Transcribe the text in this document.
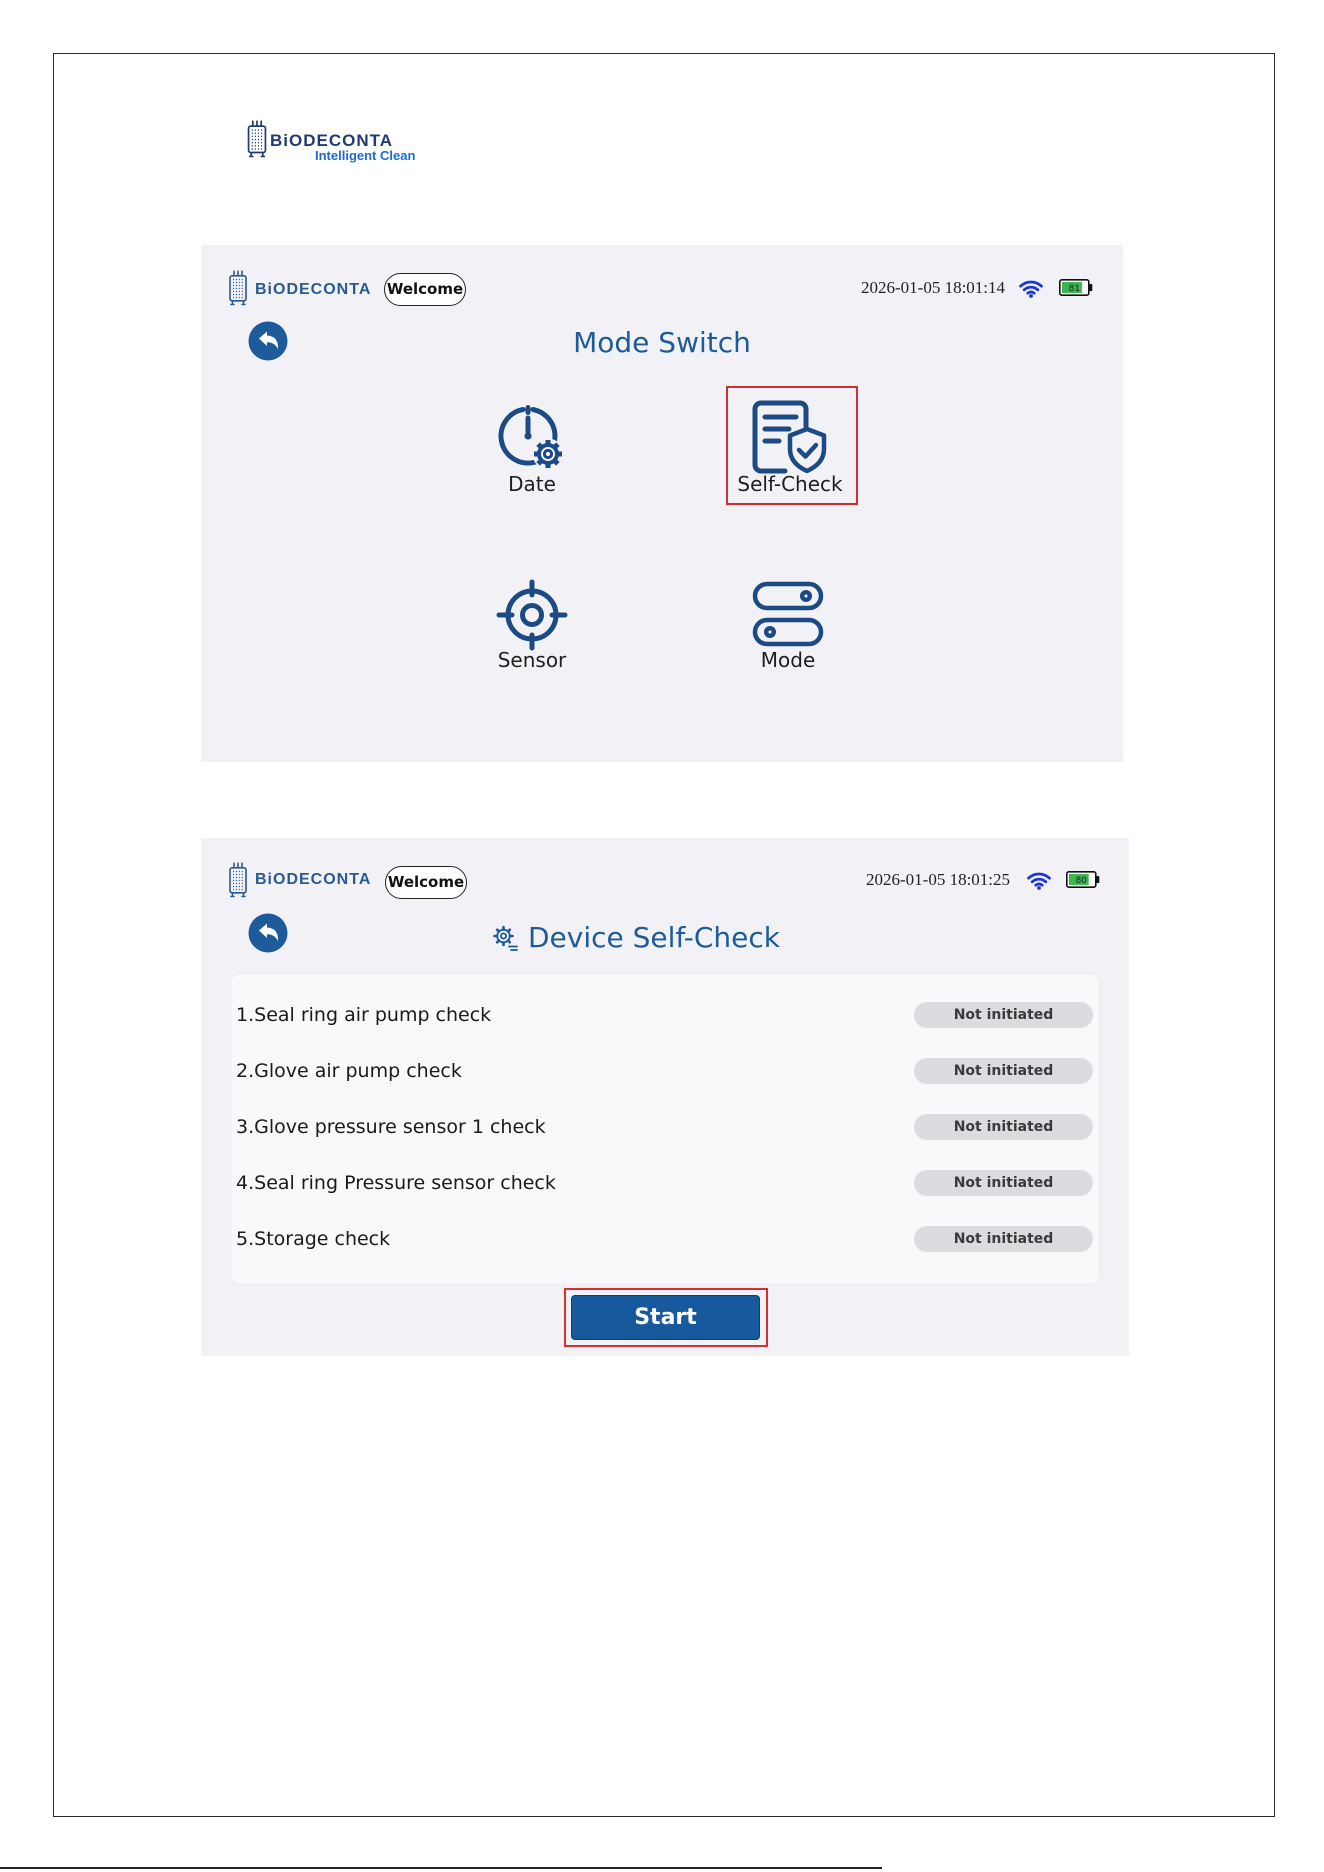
BiODECONTA
Intelligent Clean
BiODECONTA Welcome	2026-01-05 18:01:14	81
Mode Switch
Date	Self-Check
Sensor	Mode
BiODECONTA Welcome	2026-01-05 18:01:25	80
Device Self-Check
1.Seal ring air pump check	Not initiated
2.Glove air pump check	Not initiated
3.Glove pressure sensor 1 check	Not initiated
4.Seal ring Pressure sensor check	Not initiated
5.Storage check	Not initiated
Start
